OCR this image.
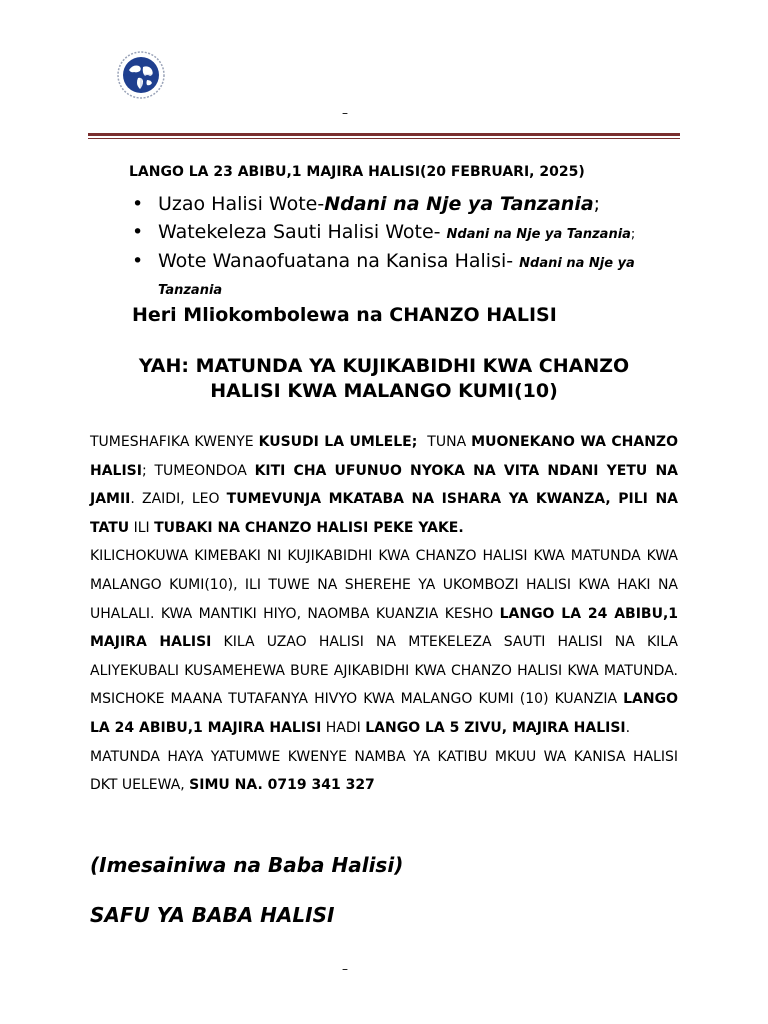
–
LANGO LA 23 ABIBU,1 MAJIRA HALISI(20 FEBRUARI, 2025)
• Uzao Halisi Wote-Ndani na Nje ya Tanzania;
• Watekeleza Sauti Halisi Wote- Ndani na Nje ya Tanzania;
• Wote Wanaofuatana na Kanisa Halisi- Ndani na Nje ya Tanzania
Heri Mliokombolewa na CHANZO HALISI
YAH: MATUNDA YA KUJIKABIDHI KWA CHANZO
HALISI KWA MALANGO KUMI(10)

TUMESHAFIKA KWENYE KUSUDI LA UMLELE;  TUNA MUONEKANO WA CHANZO HALISI; TUMEONDOA KITI CHA UFUNUO NYOKA NA VITA NDANI YETU NA JAMII. ZAIDI, LEO TUMEVUNJA MKATABA NA ISHARA YA KWANZA, PILI NA TATU ILI TUBAKI NA CHANZO HALISI PEKE YAKE.

KILICHOKUWA KIMEBAKI NI KUJIKABIDHI KWA CHANZO HALISI KWA MATUNDA KWA MALANGO KUMI(10), ILI TUWE NA SHEREHE YA UKOMBOZI HALISI KWA HAKI NA UHALALI. KWA MANTIKI HIYO, NAOMBA KUANZIA KESHO LANGO LA 24 ABIBU,1 MAJIRA HALISI KILA UZAO HALISI NA MTEKELEZA SAUTI HALISI NA KILA ALIYEKUBALI KUSAMEHEWA BURE AJIKABIDHI KWA CHANZO HALISI KWA MATUNDA. MSICHOKE MAANA TUTAFANYA HIVYO KWA MALANGO KUMI (10) KUANZIA LANGO LA 24 ABIBU,1 MAJIRA HALISI HADI LANGO LA 5 ZIVU, MAJIRA HALISI.

MATUNDA HAYA YATUMWE KWENYE NAMBA YA KATIBU MKUU WA KANISA HALISI DKT UELEWA, SIMU NA. 0719 341 327

(Imesainiwa na Baba Halisi)
SAFU YA BABA HALISI
–
